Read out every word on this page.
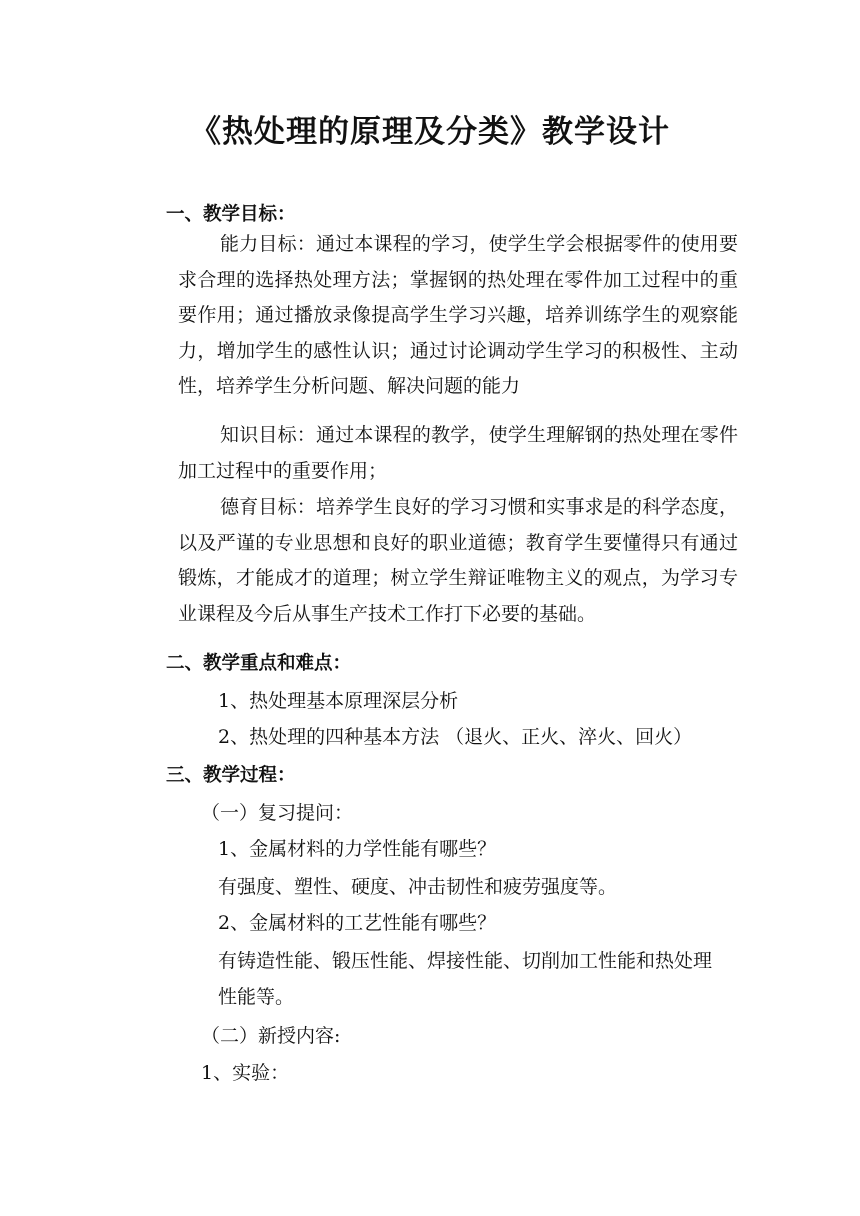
《热处理的原理及分类》教学设计
一、教学目标：
能力目标：通过本课程的学习，使学生学会根据零件的使用要求合理的选择热处理方法；掌握钢的热处理在零件加工过程中的重要作用；通过播放录像提高学生学习兴趣，培养训练学生的观察能力，增加学生的感性认识；通过讨论调动学生学习的积极性、主动性，培养学生分析问题、解决问题的能力
知识目标：通过本课程的教学，使学生理解钢的热处理在零件加工过程中的重要作用；
德育目标：培养学生良好的学习习惯和实事求是的科学态度，以及严谨的专业思想和良好的职业道德；教育学生要懂得只有通过锻炼，才能成才的道理；树立学生辩证唯物主义的观点，为学习专业课程及今后从事生产技术工作打下必要的基础。
二、教学重点和难点：
1、热处理基本原理深层分析
2、热处理的四种基本方法 （退火、正火、淬火、回火）
三、教学过程：
（一）复习提问：
1、金属材料的力学性能有哪些？
有强度、塑性、硬度、冲击韧性和疲劳强度等。
2、金属材料的工艺性能有哪些？
有铸造性能、锻压性能、焊接性能、切削加工性能和热处理
性能等。
（二）新授内容:
1、实验：
